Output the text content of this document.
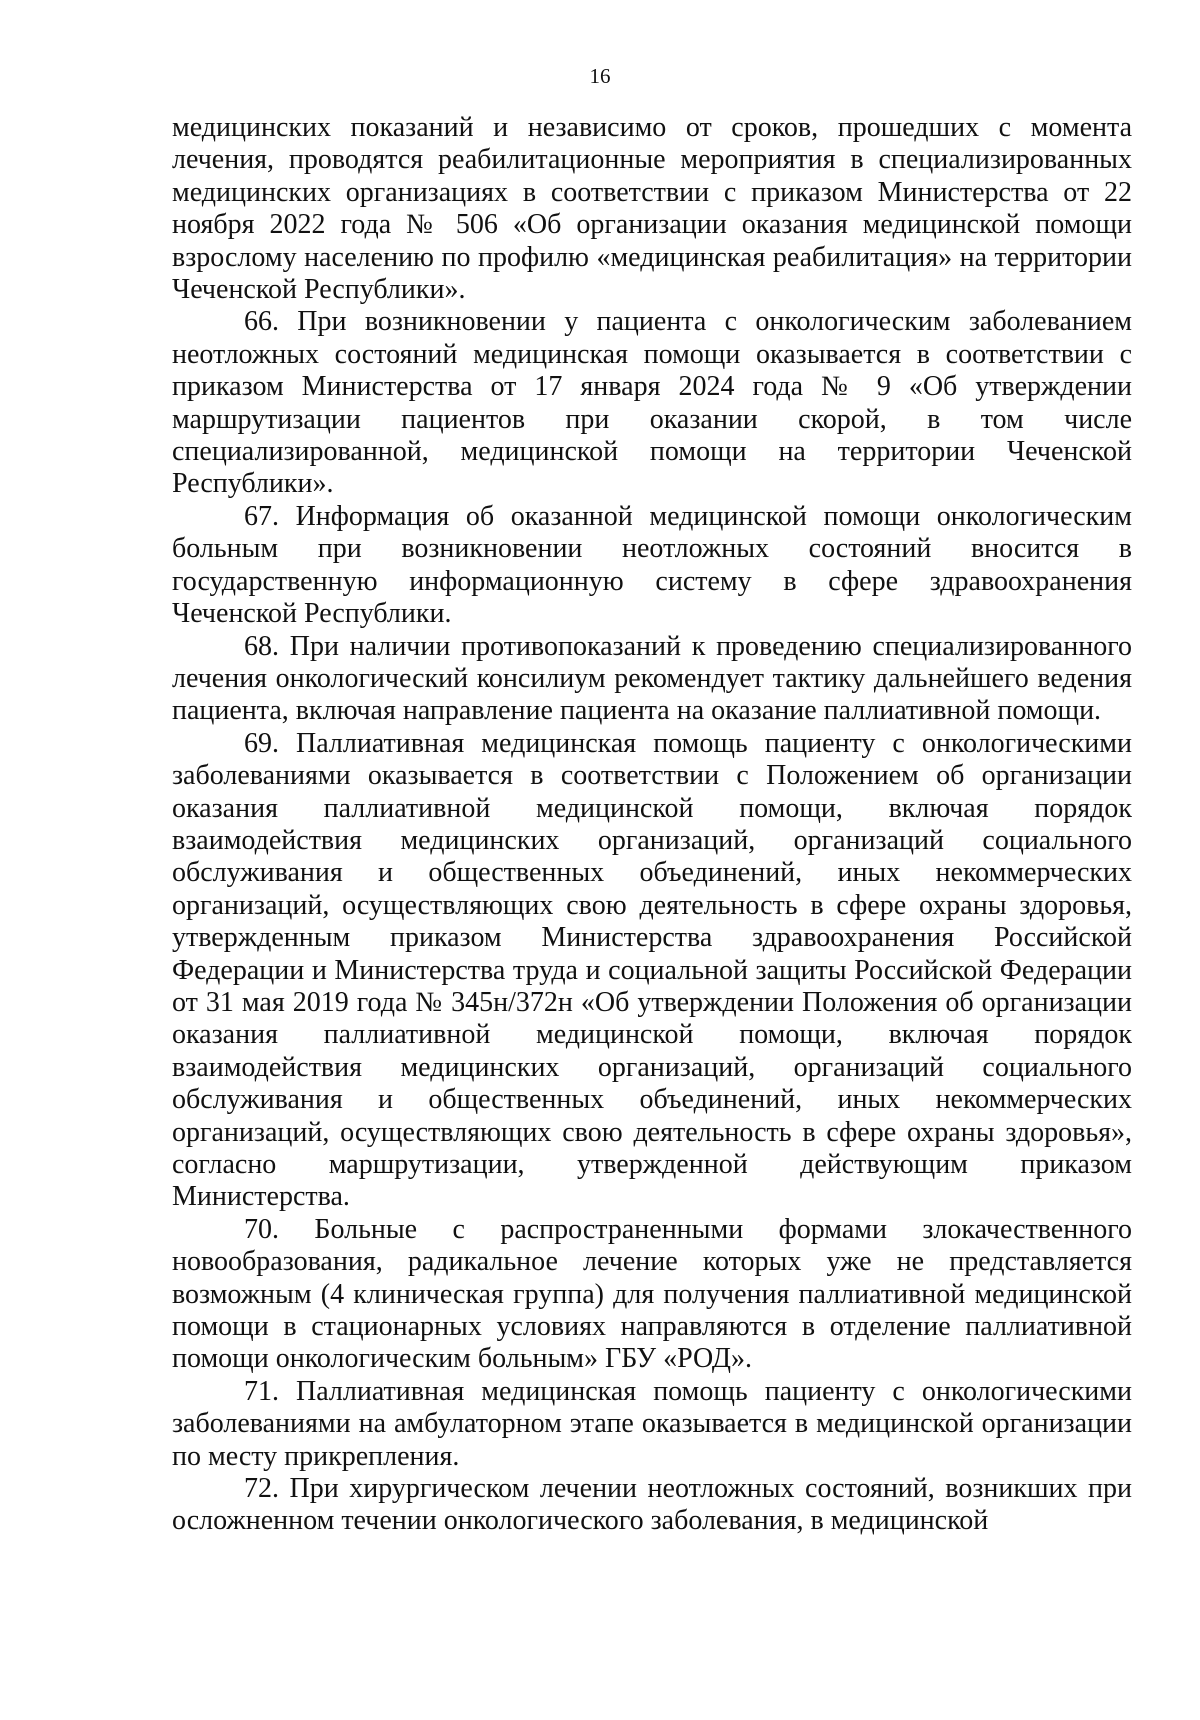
16

медицинских показаний и независимо от сроков, прошедших с момента лечения, проводятся реабилитационные мероприятия в специализированных медицинских организациях в соответствии с приказом Министерства от 22 ноября 2022 года № 506 «Об организации оказания медицинской помощи взрослому населению по профилю «медицинская реабилитация» на территории Чеченской Республики».

66. При возникновении у пациента с онкологическим заболеванием неотложных состояний медицинская помощи оказывается в соответствии с приказом Министерства от 17 января 2024 года № 9 «Об утверждении маршрутизации пациентов при оказании скорой, в том числе специализированной, медицинской помощи на территории Чеченской Республики».

67. Информация об оказанной медицинской помощи онкологическим больным при возникновении неотложных состояний вносится в государственную информационную систему в сфере здравоохранения Чеченской Республики.

68. При наличии противопоказаний к проведению специализированного лечения онкологический консилиум рекомендует тактику дальнейшего ведения пациента, включая направление пациента на оказание паллиативной помощи.

69. Паллиативная медицинская помощь пациенту с онкологическими заболеваниями оказывается в соответствии с Положением об организации оказания паллиативной медицинской помощи, включая порядок взаимодействия медицинских организаций, организаций социального обслуживания и общественных объединений, иных некоммерческих организаций, осуществляющих свою деятельность в сфере охраны здоровья, утвержденным приказом Министерства здравоохранения Российской Федерации и Министерства труда и социальной защиты Российской Федерации от 31 мая 2019 года № 345н/372н «Об утверждении Положения об организации оказания паллиативной медицинской помощи, включая порядок взаимодействия медицинских организаций, организаций социального обслуживания и общественных объединений, иных некоммерческих организаций, осуществляющих свою деятельность в сфере охраны здоровья», согласно маршрутизации, утвержденной действующим приказом Министерства.

70. Больные с распространенными формами злокачественного новообразования, радикальное лечение которых уже не представляется возможным (4 клиническая группа) для получения паллиативной медицинской помощи в стационарных условиях направляются в отделение паллиативной помощи онкологическим больным» ГБУ «РОД».

71. Паллиативная медицинская помощь пациенту с онкологическими заболеваниями на амбулаторном этапе оказывается в медицинской организации по месту прикрепления.

72. При хирургическом лечении неотложных состояний, возникших при осложненном течении онкологического заболевания, в медицинской
